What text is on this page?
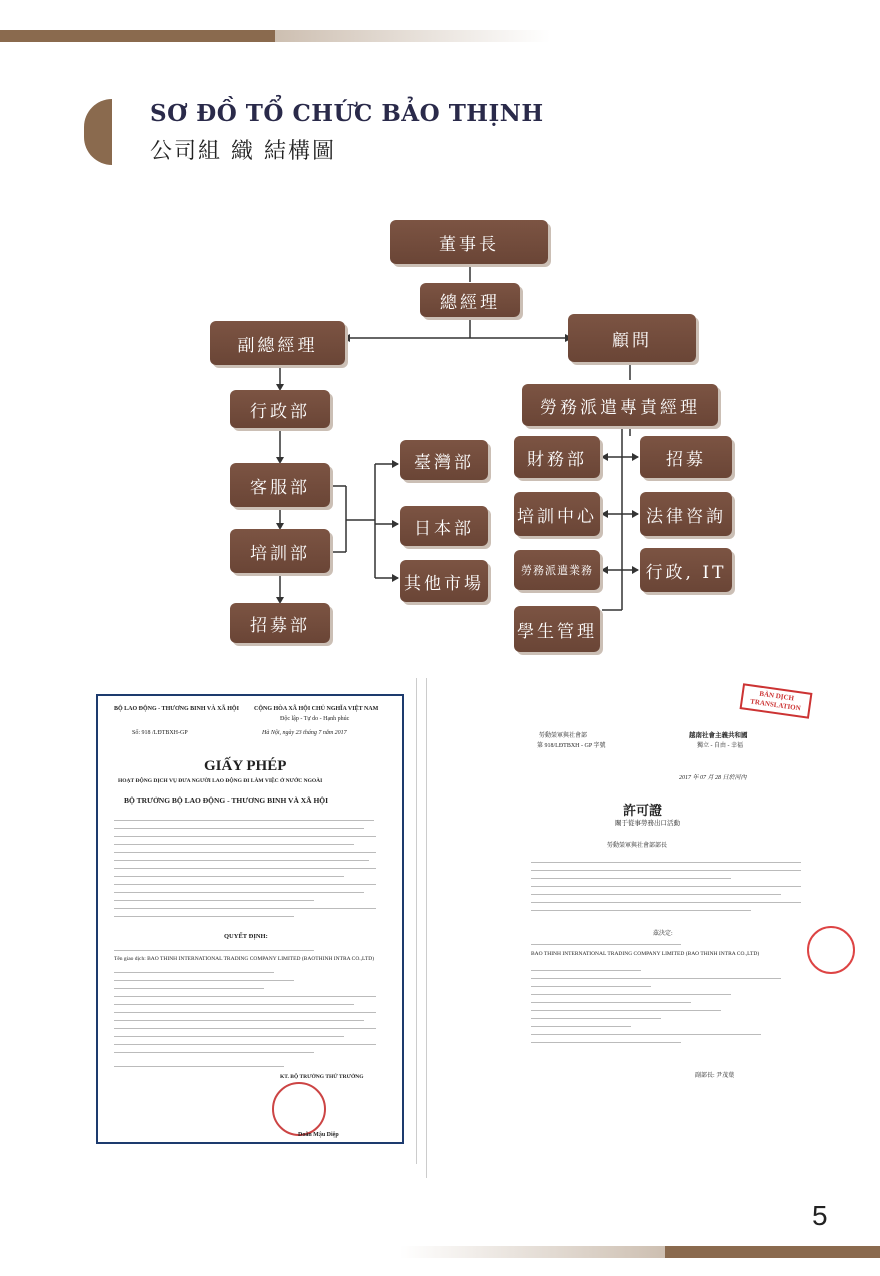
SƠ ĐỒ TỔ CHỨC BẢO THỊNH
公司組 織 結構圖
董事長
總經理
副總經理	顧問
行政部
客服部
培訓部
招募部
臺灣部
日本部
其他市場
勞務派遣專責經理
財務部	招募
培訓中心	法律咨詢
勞務派遣業務	行政, IT
學生管理
BỘ LAO ĐỘNG - THƯƠNG BINH VÀ XÃ HỘI	CỘNG HÒA XÃ HỘI CHỦ NGHĨA VIỆT NAM
Độc lập - Tự do - Hạnh phúc
Số: 918 /LĐTBXH-GP	Hà Nội, ngày 23 tháng 7 năm 2017
GIẤY PHÉP
HOẠT ĐỘNG DỊCH VỤ ĐƯA NGƯỜI LAO ĐỘNG ĐI LÀM VIỆC Ở NƯỚC NGOÀI
BỘ TRƯỞNG BỘ LAO ĐỘNG - THƯƠNG BINH VÀ XÃ HỘI
QUYẾT ĐỊNH:
Tên giao dịch: BAO THINH INTERNATIONAL TRADING COMPANY LIMITED (BAOTHINH INTRA CO.,LTD)
KT. BỘ TRƯỞNG THỨ TRƯỞNG
Doãn Mậu Diệp
勞動榮軍與社會部
第 918/LĐTBXH - GP 字號
越南社會主義共和國
獨立 - 自由 - 幸福
BẢN DỊCH TRANSLATION
2017 年 07 月 28 日於河內
許可證
關于從事勞務出口活動
勞動榮軍與社會部部長
茲決定:
BAO THINH INTERNATIONAL TRADING COMPANY LIMITED (BAO THINH INTRA CO.,LTD)
副部長: 尹茂葉
5
